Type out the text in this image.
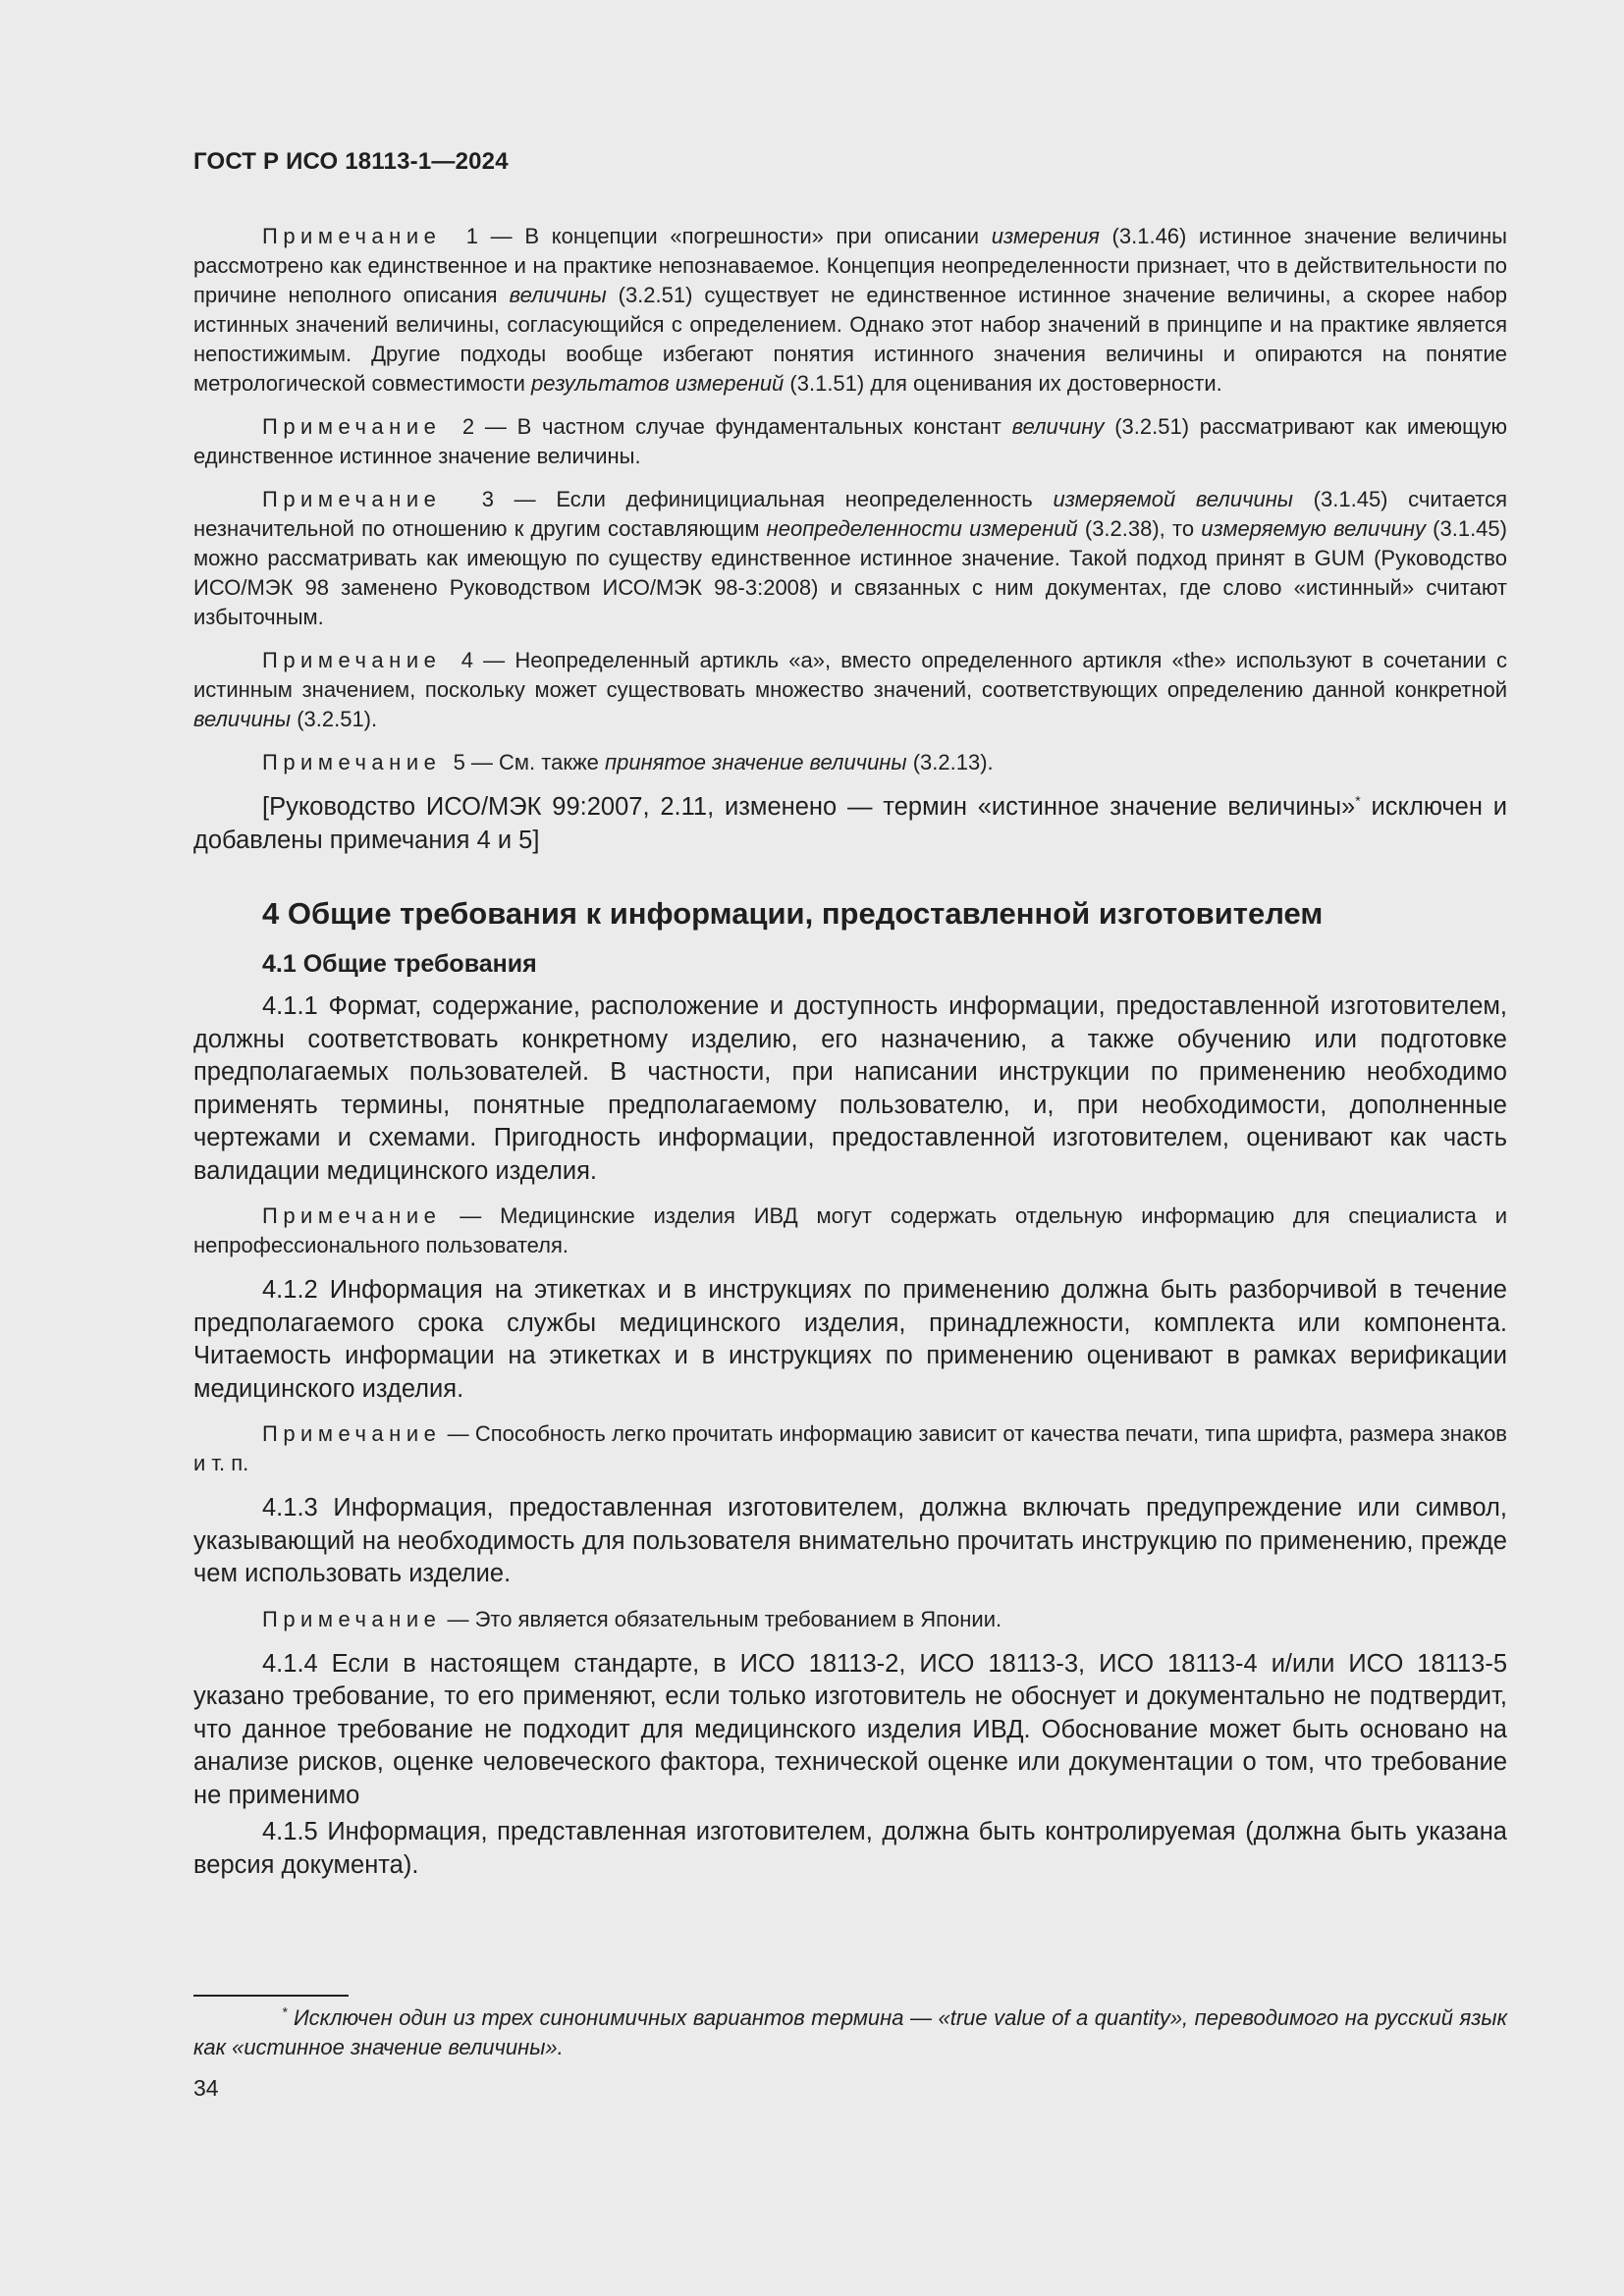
ГОСТ Р ИСО 18113-1—2024

Примечание 1 — В концепции «погрешности» при описании измерения (3.1.46) истинное значение величины рассмотрено как единственное и на практике непознаваемое. Концепция неопределенности признает, что в действительности по причине неполного описания величины (3.2.51) существует не единственное истинное значение величины, а скорее набор истинных значений величины, согласующийся с определением. Однако этот набор значений в принципе и на практике является непостижимым. Другие подходы вообще избегают понятия истинного значения величины и опираются на понятие метрологической совместимости результатов измерений (3.1.51) для оценивания их достоверности.

Примечание 2 — В частном случае фундаментальных констант величину (3.2.51) рассматривают как имеющую единственное истинное значение величины.

Примечание 3 — Если дефиницициальная неопределенность измеряемой величины (3.1.45) считается незначительной по отношению к другим составляющим неопределенности измерений (3.2.38), то измеряемую величину (3.1.45) можно рассматривать как имеющую по существу единственное истинное значение. Такой подход принят в GUM (Руководство ИСО/МЭК 98 заменено Руководством ИСО/МЭК 98-3:2008) и связанных с ним документах, где слово «истинный» считают избыточным.

Примечание 4 — Неопределенный артикль «a», вместо определенного артикля «the» используют в сочетании с истинным значением, поскольку может существовать множество значений, соответствующих определению данной конкретной величины (3.2.51).

Примечание 5 — См. также принятое значение величины (3.2.13).

[Руководство ИСО/МЭК 99:2007, 2.11, изменено — термин «истинное значение величины»* исключен и добавлены примечания 4 и 5]

4 Общие требования к информации, предоставленной изготовителем
4.1 Общие требования

4.1.1 Формат, содержание, расположение и доступность информации, предоставленной изготовителем, должны соответствовать конкретному изделию, его назначению, а также обучению или подготовке предполагаемых пользователей. В частности, при написании инструкции по применению необходимо применять термины, понятные предполагаемому пользователю, и, при необходимости, дополненные чертежами и схемами. Пригодность информации, предоставленной изготовителем, оценивают как часть валидации медицинского изделия.

Примечание — Медицинские изделия ИВД могут содержать отдельную информацию для специалиста и непрофессионального пользователя.

4.1.2 Информация на этикетках и в инструкциях по применению должна быть разборчивой в течение предполагаемого срока службы медицинского изделия, принадлежности, комплекта или компонента. Читаемость информации на этикетках и в инструкциях по применению оценивают в рамках верификации медицинского изделия.

Примечание — Способность легко прочитать информацию зависит от качества печати, типа шрифта, размера знаков и т. п.

4.1.3 Информация, предоставленная изготовителем, должна включать предупреждение или символ, указывающий на необходимость для пользователя внимательно прочитать инструкцию по применению, прежде чем использовать изделие.

Примечание — Это является обязательным требованием в Японии.

4.1.4 Если в настоящем стандарте, в ИСО 18113-2, ИСО 18113-3, ИСО 18113-4 и/или ИСО 18113-5 указано требование, то его применяют, если только изготовитель не обоснует и документально не подтвердит, что данное требование не подходит для медицинского изделия ИВД. Обоснование может быть основано на анализе рисков, оценке человеческого фактора, технической оценке или документации о том, что требование не применимо

4.1.5 Информация, представленная изготовителем, должна быть контролируемая (должна быть указана версия документа).

* Исключен один из трех синонимичных вариантов термина — «true value of a quantity», переводимого на русский язык как «истинное значение величины».

34
